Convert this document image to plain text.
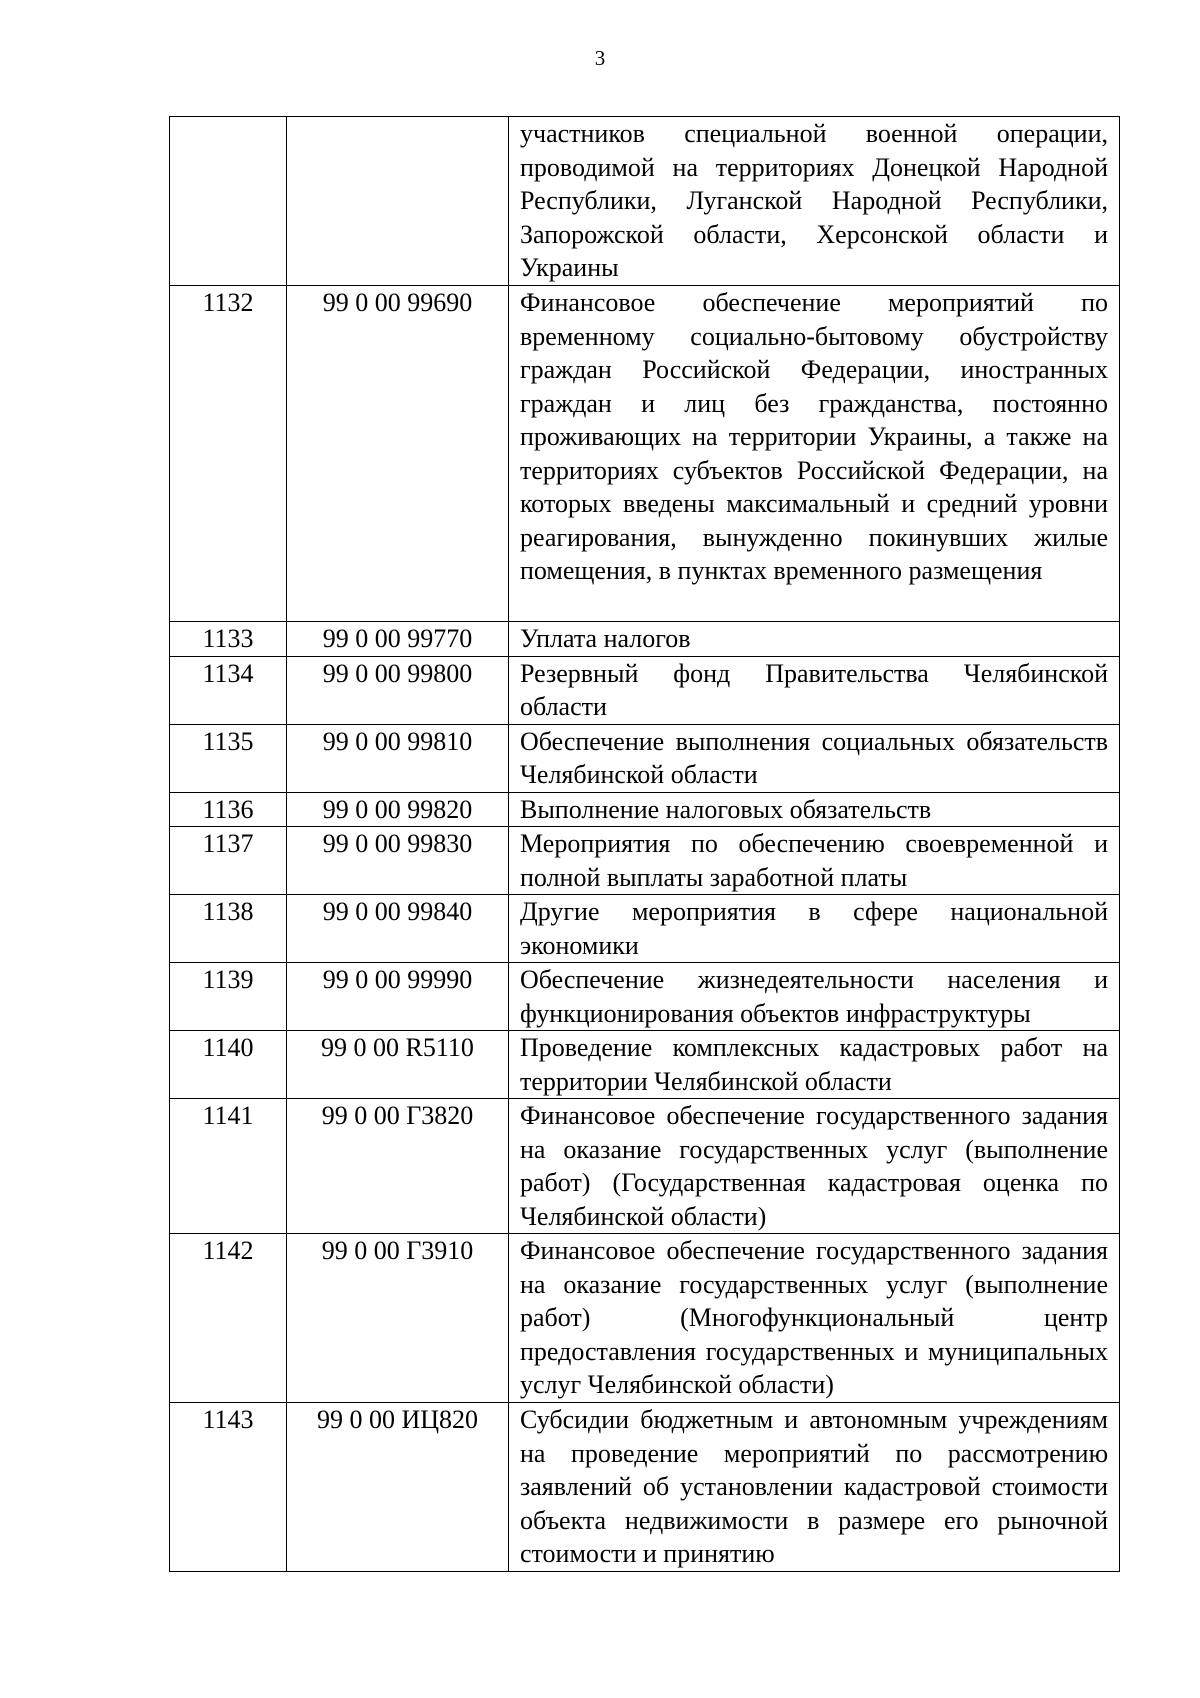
3
		участников специальной военной операции, проводимой на территориях Донецкой Народной Республики, Луганской Народной Республики, Запорожской области, Херсонской области и Украины
1132	99 0 00 99690	Финансовое обеспечение мероприятий по временному социально-бытовому обустройству граждан Российской Федерации, иностранных граждан и лиц без гражданства, постоянно проживающих на территории Украины, а также на территориях субъектов Российской Федерации, на которых введены максимальный и средний уровни реагирования, вынужденно покинувших жилые помещения, в пунктах временного размещения
1133	99 0 00 99770	Уплата налогов
1134	99 0 00 99800	Резервный фонд Правительства Челябинской области
1135	99 0 00 99810	Обеспечение выполнения социальных обязательств Челябинской области
1136	99 0 00 99820	Выполнение налоговых обязательств
1137	99 0 00 99830	Мероприятия по обеспечению своевременной и полной выплаты заработной платы
1138	99 0 00 99840	Другие мероприятия в сфере национальной экономики
1139	99 0 00 99990	Обеспечение жизнедеятельности населения и функционирования объектов инфраструктуры
1140	99 0 00 R5110	Проведение комплексных кадастровых работ на территории Челябинской области
1141	99 0 00 Г3820	Финансовое обеспечение государственного задания на оказание государственных услуг (выполнение работ) (Государственная кадастровая оценка по Челябинской области)
1142	99 0 00 Г3910	Финансовое обеспечение государственного задания на оказание государственных услуг (выполнение работ) (Многофункциональный центр предоставления государственных и муниципальных услуг Челябинской области)
1143	99 0 00 ИЦ820	Субсидии бюджетным и автономным учреждениям на проведение мероприятий по рассмотрению заявлений об установлении кадастровой стоимости объекта недвижимости в размере его рыночной стоимости и принятию
